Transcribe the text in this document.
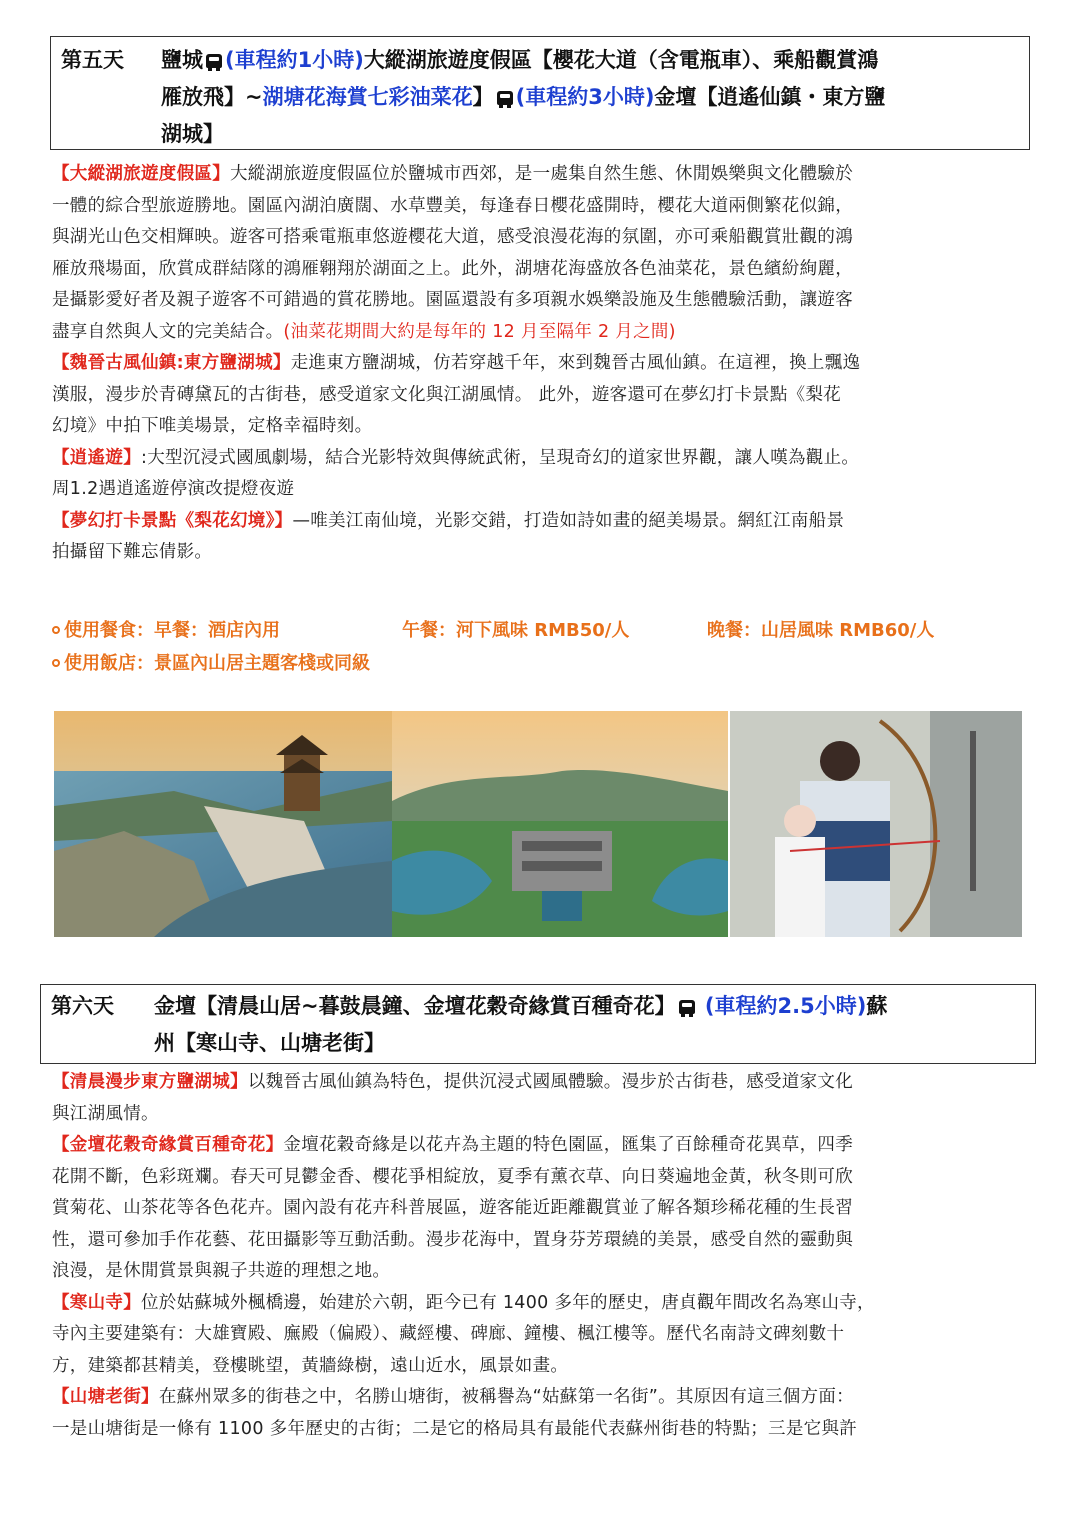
第五天	鹽城 (車程約1小時)大縱湖旅遊度假區【櫻花大道（含電瓶車）、乘船觀賞鴻
雁放飛】~湖塘花海賞七彩油菜花】 (車程約3小時)金壇【逍遙仙鎮・東方鹽
湖城】

【大縱湖旅遊度假區】大縱湖旅遊度假區位於鹽城市西郊，是一處集自然生態、休閒娛樂與文化體驗於
一體的綜合型旅遊勝地。園區內湖泊廣闊、水草豐美，每逢春日櫻花盛開時，櫻花大道兩側繁花似錦，
與湖光山色交相輝映。遊客可搭乘電瓶車悠遊櫻花大道，感受浪漫花海的氛圍，亦可乘船觀賞壯觀的鴻
雁放飛場面，欣賞成群結隊的鴻雁翱翔於湖面之上。此外，湖塘花海盛放各色油菜花，景色繽紛絢麗，
是攝影愛好者及親子遊客不可錯過的賞花勝地。園區還設有多項親水娛樂設施及生態體驗活動，讓遊客
盡享自然與人文的完美結合。(油菜花期間大約是每年的 12 月至隔年 2 月之間)

【魏晉古風仙鎮:東方鹽湖城】走進東方鹽湖城，仿若穿越千年，來到魏晉古風仙鎮。在這裡，換上飄逸
漢服，漫步於青磚黛瓦的古街巷，感受道家文化與江湖風情。 此外，遊客還可在夢幻打卡景點《梨花
幻境》中拍下唯美場景，定格幸福時刻。

【逍遙遊】:大型沉浸式國風劇場，結合光影特效與傳統武術，呈現奇幻的道家世界觀，讓人嘆為觀止。
周1.2遇逍遙遊停演改提燈夜遊

【夢幻打卡景點《梨花幻境》】—唯美江南仙境，光影交錯，打造如詩如畫的絕美場景。網紅江南船景
拍攝留下難忘倩影。

使用餐食：早餐：酒店內用	午餐：河下風味 RMB50/人	晚餐：山居風味 RMB60/人
使用飯店：景區內山居主題客棧或同級
第六天	金壇【清晨山居~暮鼓晨鐘、金壇花穀奇緣賞百種奇花】 (車程約2.5小時)蘇
州【寒山寺、山塘老街】

【清晨漫步東方鹽湖城】以魏晉古風仙鎮為特色，提供沉浸式國風體驗。漫步於古街巷，感受道家文化
與江湖風情。

【金壇花穀奇緣賞百種奇花】金壇花穀奇緣是以花卉為主題的特色園區，匯集了百餘種奇花異草，四季
花開不斷，色彩斑斕。春天可見鬱金香、櫻花爭相綻放，夏季有薰衣草、向日葵遍地金黃，秋冬則可欣
賞菊花、山茶花等各色花卉。園內設有花卉科普展區，遊客能近距離觀賞並了解各類珍稀花種的生長習
性，還可參加手作花藝、花田攝影等互動活動。漫步花海中，置身芬芳環繞的美景，感受自然的靈動與
浪漫，是休閒賞景與親子共遊的理想之地。

【寒山寺】位於姑蘇城外楓橋邊，始建於六朝，距今已有 1400 多年的歷史，唐貞觀年間改名為寒山寺，
寺內主要建築有：大雄寶殿、廡殿（偏殿）、藏經樓、碑廊、鐘樓、楓江樓等。歷代名南詩文碑刻數十
方，建築都甚精美，登樓眺望，黃牆綠樹，遠山近水，風景如畫。

【山塘老街】在蘇州眾多的街巷之中，名勝山塘街，被稱譽為“姑蘇第一名街”。其原因有這三個方面：
一是山塘街是一條有 1100 多年歷史的古街；二是它的格局具有最能代表蘇州街巷的特點；三是它與許
